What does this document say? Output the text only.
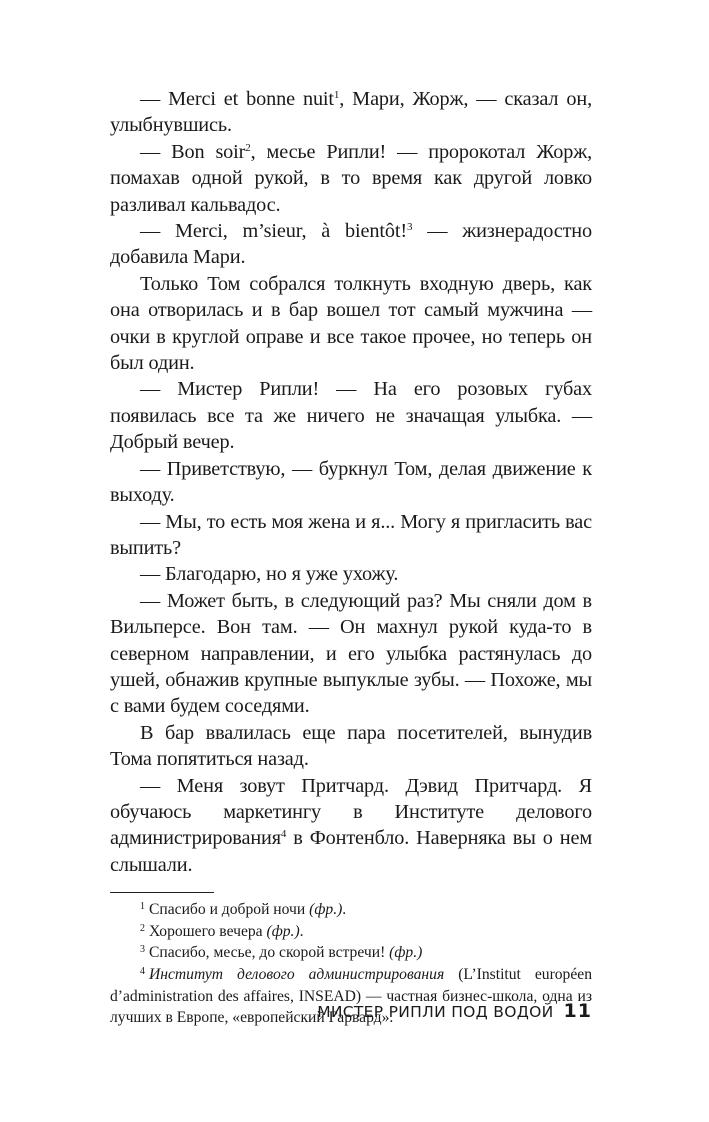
— Merci et bonne nuit$^1$, Мари, Жорж, — сказал он, улыбнувшись.

— Bon soir$^2$, месье Рипли! — пророкотал Жорж, помахав одной рукой, в то время как другой ловко разливал кальвадос.

— Merci, m’sieur, à bientôt!$^3$ — жизнерадостно добавила Мари.

Только Том собрался толкнуть входную дверь, как она отворилась и в бар вошел тот самый мужчина — очки в круглой оправе и все такое прочее, но теперь он был один.

— Мистер Рипли! — На его розовых губах появилась все та же ничего не значащая улыбка. — Добрый вечер.

— Приветствую, — буркнул Том, делая движение к выходу.

— Мы, то есть моя жена и я... Могу я пригласить вас выпить?

— Благодарю, но я уже ухожу.

— Может быть, в следующий раз? Мы сняли дом в Вильперсе. Вон там. — Он махнул рукой куда-то в северном направлении, и его улыбка растянулась до ушей, обнажив крупные выпуклые зубы. — Похоже, мы с вами будем соседями.

В бар ввалилась еще пара посетителей, вынудив Тома попятиться назад.

— Меня зовут Притчард. Дэвид Притчард. Я обучаюсь маркетингу в Институте делового администрирования$^4$ в Фонтенбло. Наверняка вы о нем слышали.

$^1$ Спасибо и доброй ночи (фр.).

$^2$ Хорошего вечера (фр.).

$^3$ Спасибо, месье, до скорой встречи! (фр.)

$^4$ Институт делового администрирования (L’Institut européen d’administration des affaires, INSEAD) — частная бизнес-школа, одна из лучших в Европе, «европейский Гарвард».

МИСТЕР РИПЛИ ПОД ВОДОЙ 11
